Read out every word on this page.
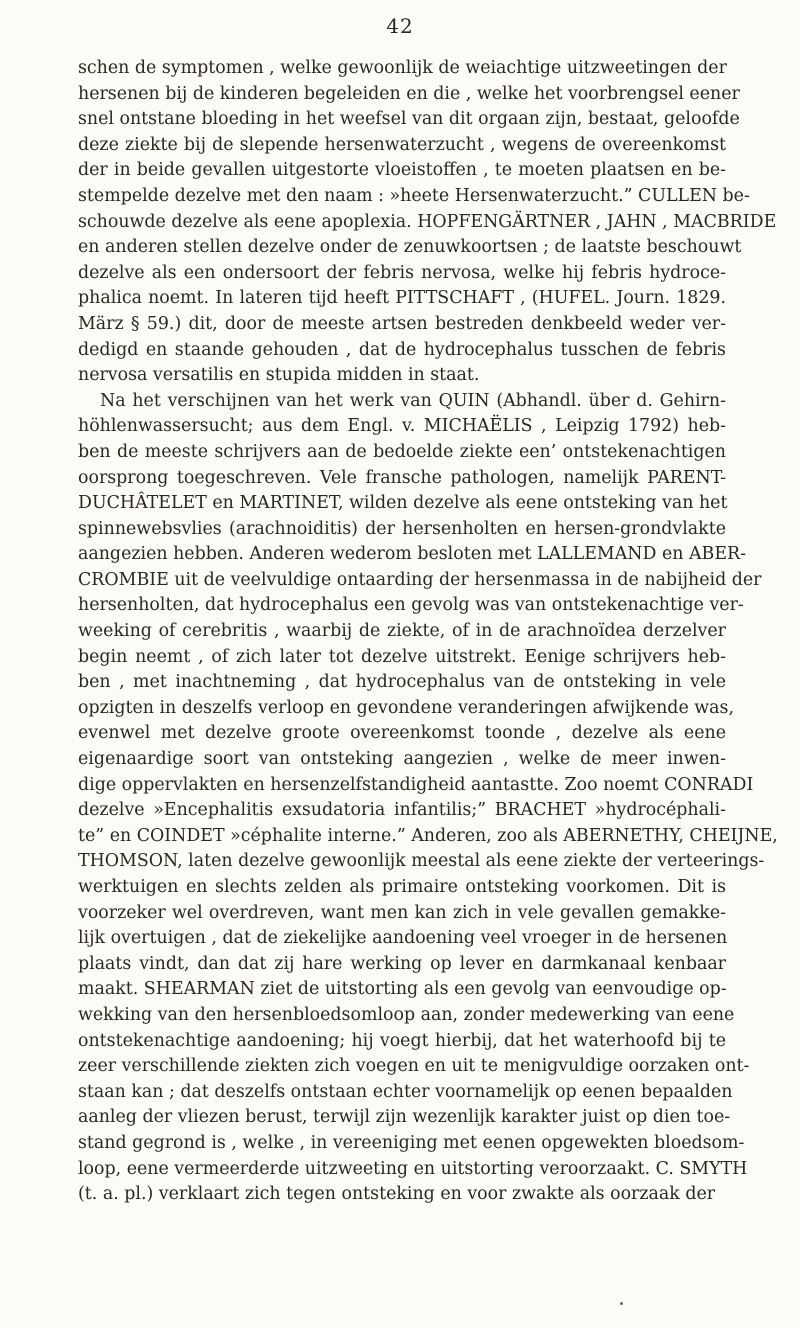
42
schen de symptomen , welke gewoonlijk de weiachtige uitzweetingen der
hersenen bij de kinderen begeleiden en die , welke het voorbrengsel eener
snel ontstane bloeding in het weefsel van dit orgaan zijn, bestaat, geloofde
deze ziekte bij de slepende hersenwaterzucht , wegens de overeenkomst
der in beide gevallen uitgestorte vloeistoffen , te moeten plaatsen en be-
stempelde dezelve met den naam : »heete Hersenwaterzucht.” CULLEN be-
schouwde dezelve als eene apoplexia. HOPFENGÄRTNER , JAHN , MACBRIDE
en anderen stellen dezelve onder de zenuwkoortsen ; de laatste beschouwt
dezelve als een ondersoort der febris nervosa, welke hij febris hydroce-
phalica noemt. In lateren tijd heeft PITTSCHAFT , (HUFEL. Journ. 1829.
März § 59.) dit, door de meeste artsen bestreden denkbeeld weder ver-
dedigd en staande gehouden , dat de hydrocephalus tusschen de febris
nervosa versatilis en stupida midden in staat.
Na het verschijnen van het werk van QUIN (Abhandl. über d. Gehirn-
höhlenwassersucht; aus dem Engl. v. MICHAËLIS , Leipzig 1792) heb-
ben de meeste schrijvers aan de bedoelde ziekte een’ ontstekenachtigen
oorsprong toegeschreven. Vele fransche pathologen, namelijk PARENT-
DUCHÂTELET en MARTINET, wilden dezelve als eene ontsteking van het
spinnewebsvlies (arachnoiditis) der hersenholten en hersen-grondvlakte
aangezien hebben. Anderen wederom besloten met LALLEMAND en ABER-
CROMBIE uit de veelvuldige ontaarding der hersenmassa in de nabijheid der
hersenholten, dat hydrocephalus een gevolg was van ontstekenachtige ver-
weeking of cerebritis , waarbij de ziekte, of in de arachnoïdea derzelver
begin neemt , of zich later tot dezelve uitstrekt. Eenige schrijvers heb-
ben , met inachtneming , dat hydrocephalus van de ontsteking in vele
opzigten in deszelfs verloop en gevondene veranderingen afwijkende was,
evenwel met dezelve groote overeenkomst toonde , dezelve als eene
eigenaardige soort van ontsteking aangezien , welke de meer inwen-
dige oppervlakten en hersenzelfstandigheid aantastte. Zoo noemt CONRADI
dezelve »Encephalitis exsudatoria infantilis;” BRACHET »hydrocéphali-
te” en COINDET »céphalite interne.” Anderen, zoo als ABERNETHY, CHEIJNE,
THOMSON, laten dezelve gewoonlijk meestal als eene ziekte der verteerings-
werktuigen en slechts zelden als primaire ontsteking voorkomen. Dit is
voorzeker wel overdreven, want men kan zich in vele gevallen gemakke-
lijk overtuigen , dat de ziekelijke aandoening veel vroeger in de hersenen
plaats vindt, dan dat zij hare werking op lever en darmkanaal kenbaar
maakt. SHEARMAN ziet de uitstorting als een gevolg van eenvoudige op-
wekking van den hersenbloedsomloop aan, zonder medewerking van eene
ontstekenachtige aandoening; hij voegt hierbij, dat het waterhoofd bij te
zeer verschillende ziekten zich voegen en uit te menigvuldige oorzaken ont-
staan kan ; dat deszelfs ontstaan echter voornamelijk op eenen bepaalden
aanleg der vliezen berust, terwijl zijn wezenlijk karakter juist op dien toe-
stand gegrond is , welke , in vereeniging met eenen opgewekten bloedsom-
loop, eene vermeerderde uitzweeting en uitstorting veroorzaakt. C. SMYTH
(t. a. pl.) verklaart zich tegen ontsteking en voor zwakte als oorzaak der
